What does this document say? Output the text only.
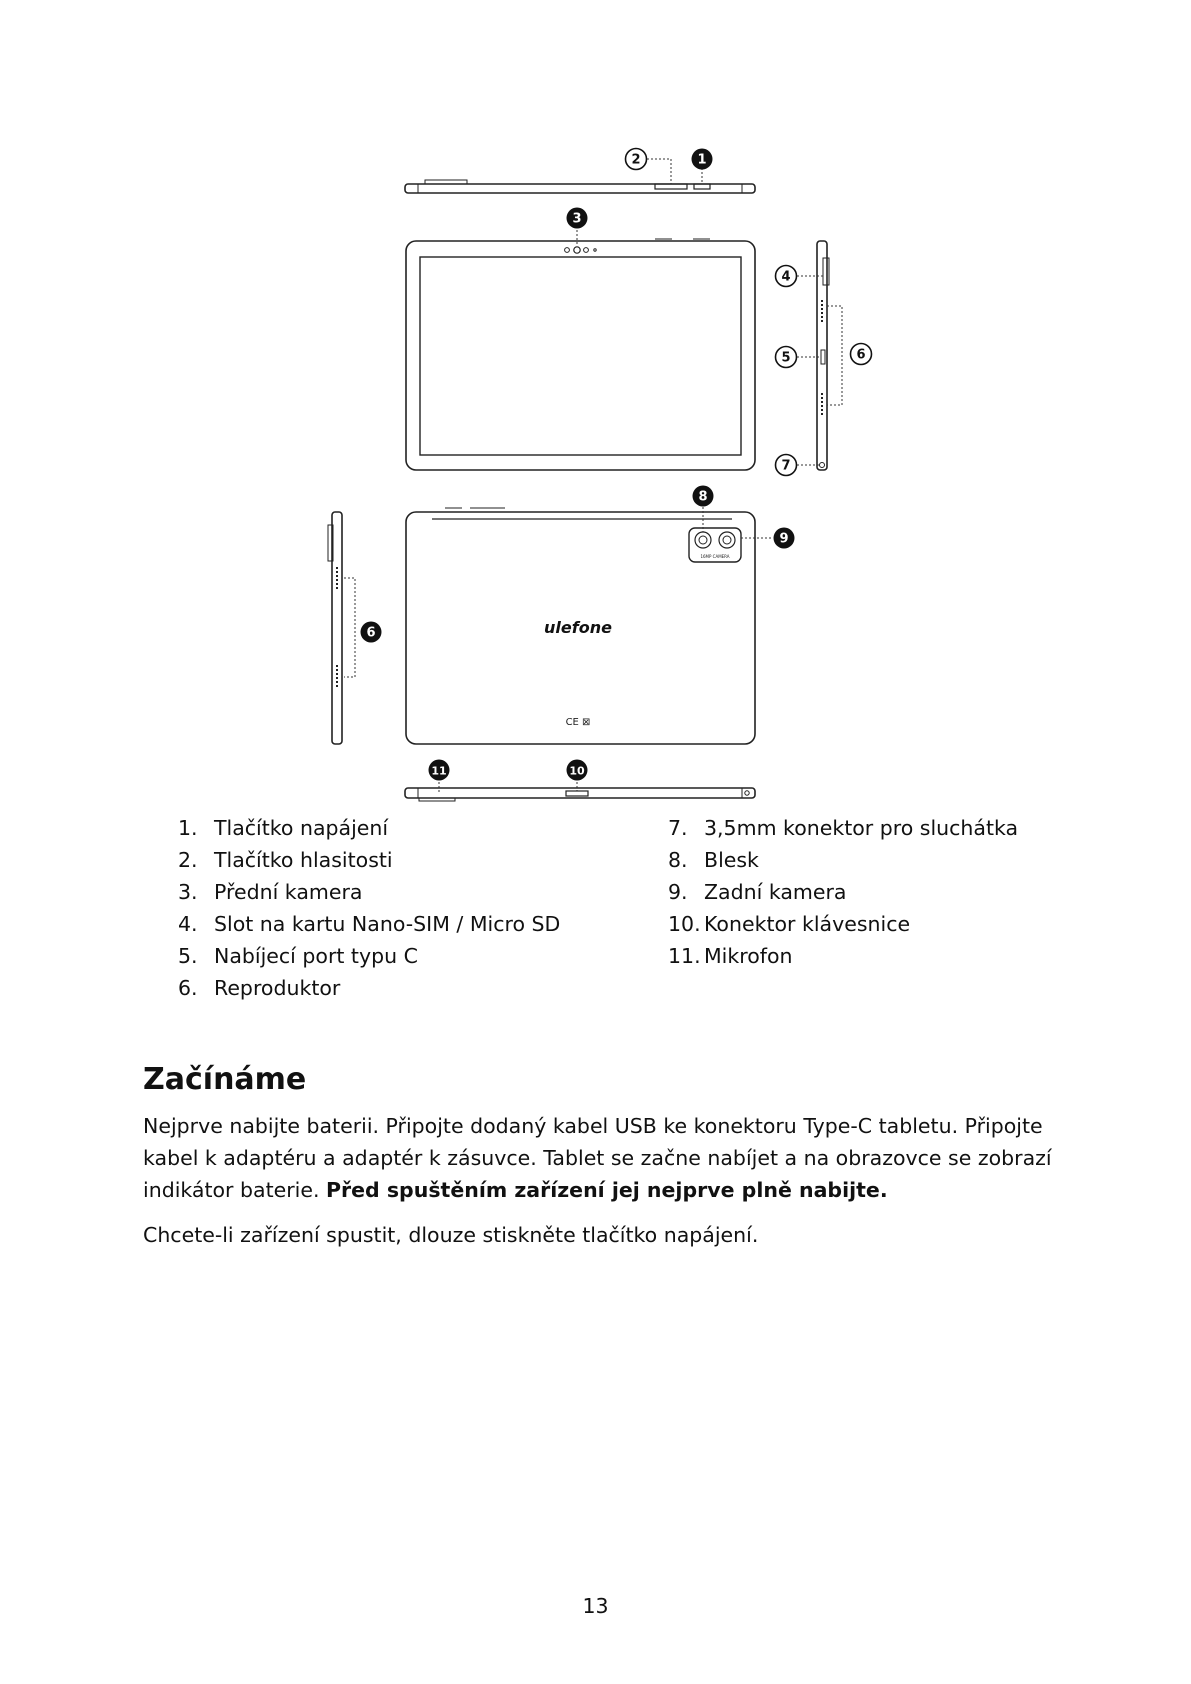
ulefone
16MP CAMERA
CE ⊠
2	1
3
4
5	6
7
8
9
6
11	10
1. Tlačítko napájení
2. Tlačítko hlasitosti
3. Přední kamera
4. Slot na kartu Nano-SIM / Micro SD
5. Nabíjecí port typu C
6. Reproduktor
7. 3,5mm konektor pro sluchátka
8. Blesk
9. Zadní kamera
10. Konektor klávesnice
11. Mikrofon
Začínáme

Nejprve nabijte baterii. Připojte dodaný kabel USB ke konektoru Type-C tabletu. Připojte kabel k adaptéru a adaptér k zásuvce. Tablet se začne nabíjet a na obrazovce se zobrazí indikátor baterie. Před spuštěním zařízení jej nejprve plně nabijte.

Chcete-li zařízení spustit, dlouze stiskněte tlačítko napájení.

13
